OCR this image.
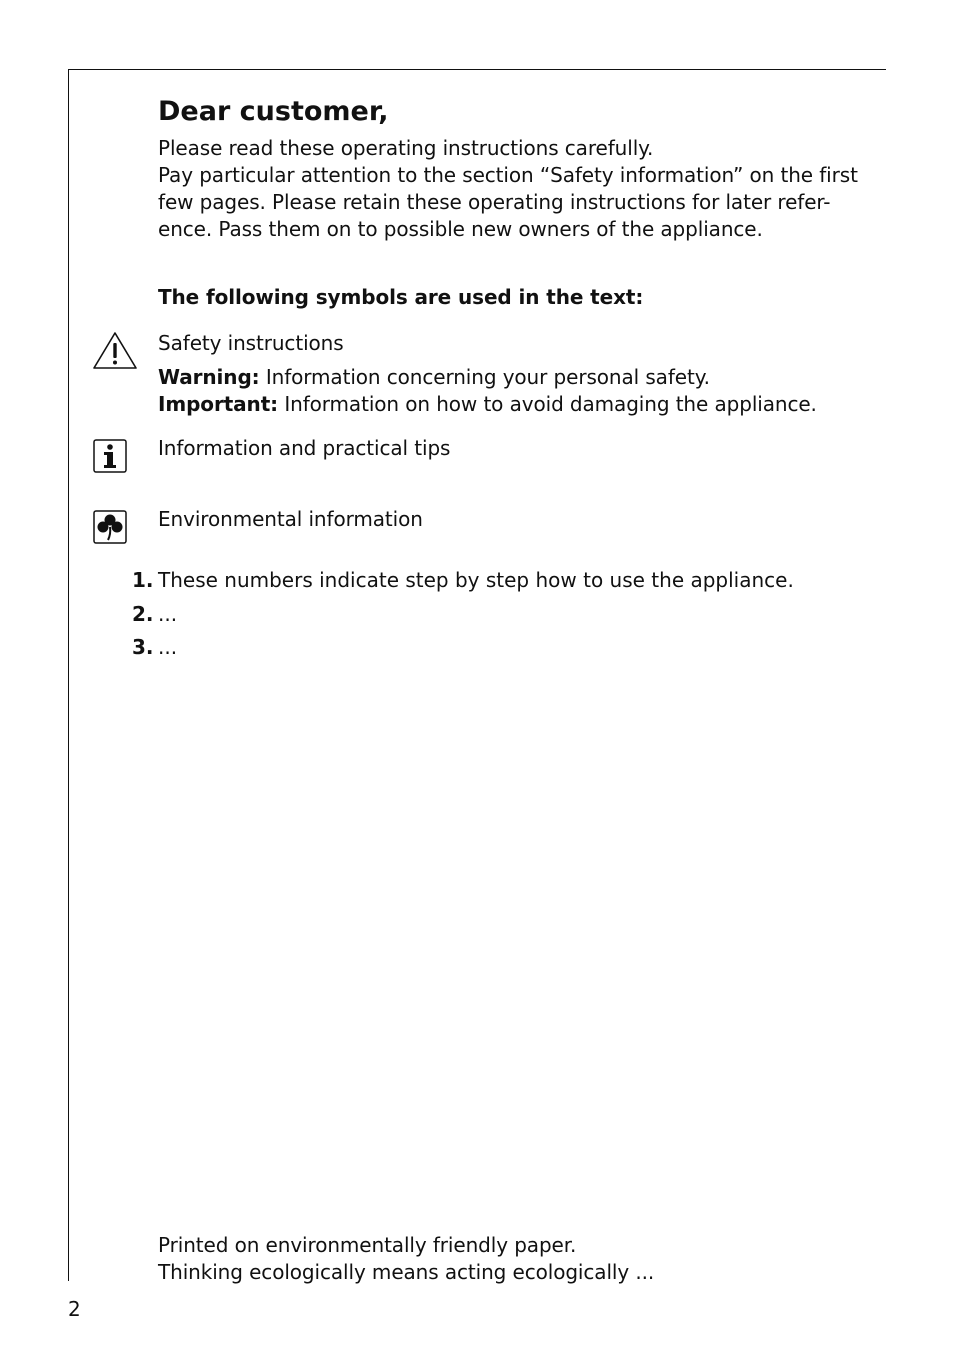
Dear customer,
Please read these operating instructions carefully.
Pay particular attention to the section “Safety information” on the first
few pages. Please retain these operating instructions for later refer-
ence. Pass them on to possible new owners of the appliance.
The following symbols are used in the text:
Safety instructions
Warning: Information concerning your personal safety.
Important: Information on how to avoid damaging the appliance.
Information and practical tips
Environmental information
1. These numbers indicate step by step how to use the appliance.
2. ...
3. ...
Printed on environmentally friendly paper.
Thinking ecologically means acting ecologically ...
2
